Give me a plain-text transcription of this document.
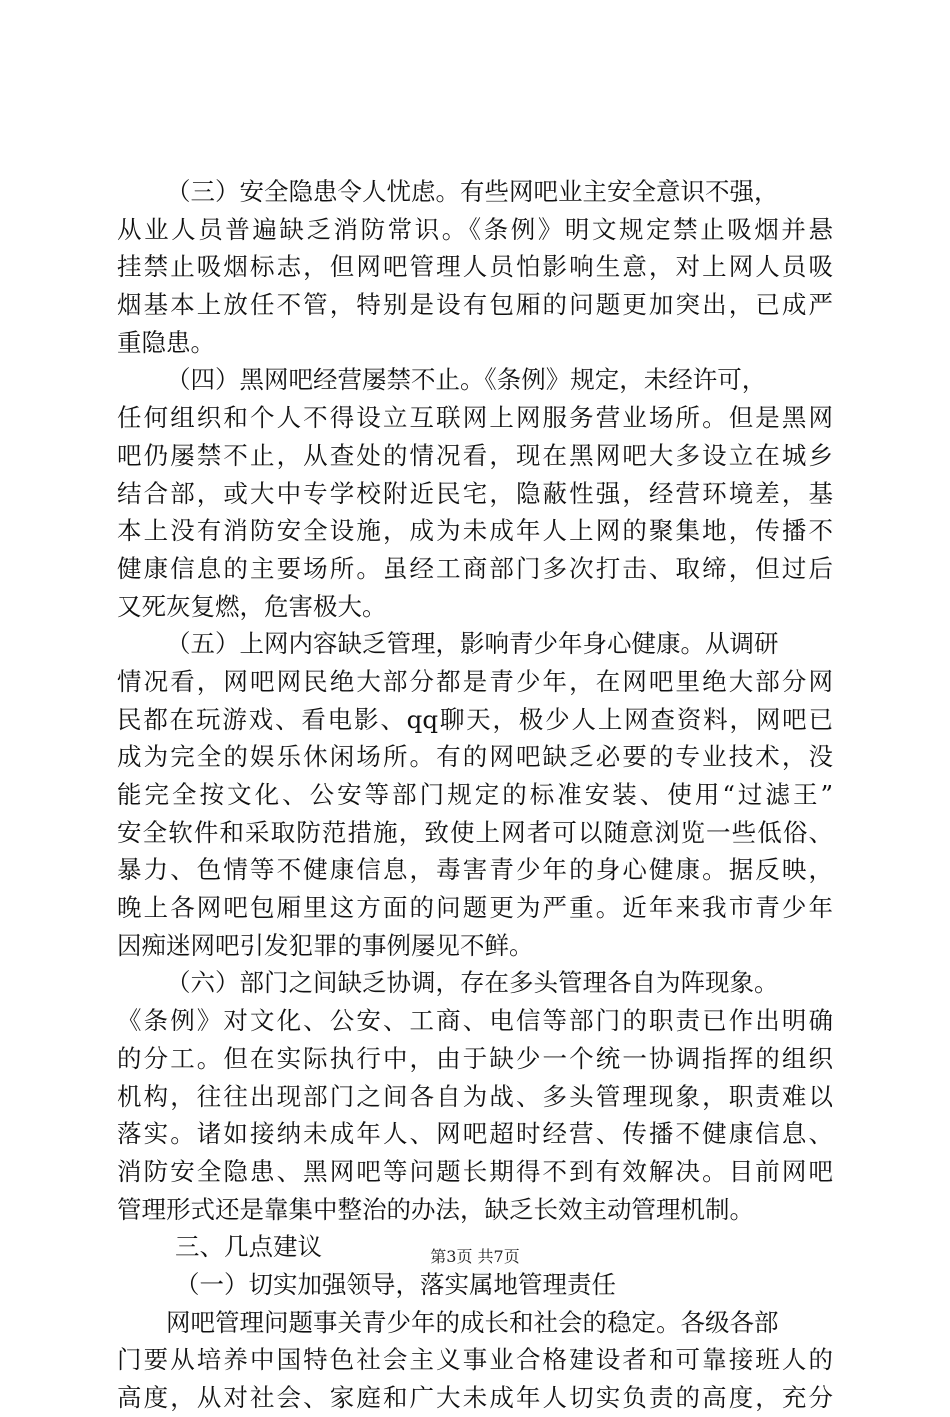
（三）安全隐患令人忧虑。有些网吧业主安全意识不强，
从业人员普遍缺乏消防常识。《条例》明文规定禁止吸烟并悬
挂禁止吸烟标志，但网吧管理人员怕影响生意，对上网人员吸
烟基本上放任不管，特别是设有包厢的问题更加突出，已成严
重隐患。
（四）黑网吧经营屡禁不止。《条例》规定，未经许可，
任何组织和个人不得设立互联网上网服务营业场所。但是黑网
吧仍屡禁不止，从查处的情况看，现在黑网吧大多设立在城乡
结合部，或大中专学校附近民宅，隐蔽性强，经营环境差，基
本上没有消防安全设施，成为未成年人上网的聚集地，传播不
健康信息的主要场所。虽经工商部门多次打击、取缔，但过后
又死灰复燃，危害极大。
（五）上网内容缺乏管理，影响青少年身心健康。从调研
情况看，网吧网民绝大部分都是青少年，在网吧里绝大部分网
民都在玩游戏、看电影、qq聊天，极少人上网查资料，网吧已
成为完全的娱乐休闲场所。有的网吧缺乏必要的专业技术，没
能完全按文化、公安等部门规定的标准安装、使用“过滤王”
安全软件和采取防范措施，致使上网者可以随意浏览一些低俗、
暴力、色情等不健康信息，毒害青少年的身心健康。据反映，
晚上各网吧包厢里这方面的问题更为严重。近年来我市青少年
因痴迷网吧引发犯罪的事例屡见不鲜。
（六）部门之间缺乏协调，存在多头管理各自为阵现象。
《条例》对文化、公安、工商、电信等部门的职责已作出明确
的分工。但在实际执行中，由于缺少一个统一协调指挥的组织
机构，往往出现部门之间各自为战、多头管理现象，职责难以
落实。诸如接纳未成年人、网吧超时经营、传播不健康信息、
消防安全隐患、黑网吧等问题长期得不到有效解决。目前网吧
管理形式还是靠集中整治的办法，缺乏长效主动管理机制。
三、几点建议
（一）切实加强领导，落实属地管理责任
网吧管理问题事关青少年的成长和社会的稳定。各级各部
门要从培养中国特色社会主义事业合格建设者和可靠接班人的
高度，从对社会、家庭和广大未成年人切实负责的高度，充分
第3页 共7页
